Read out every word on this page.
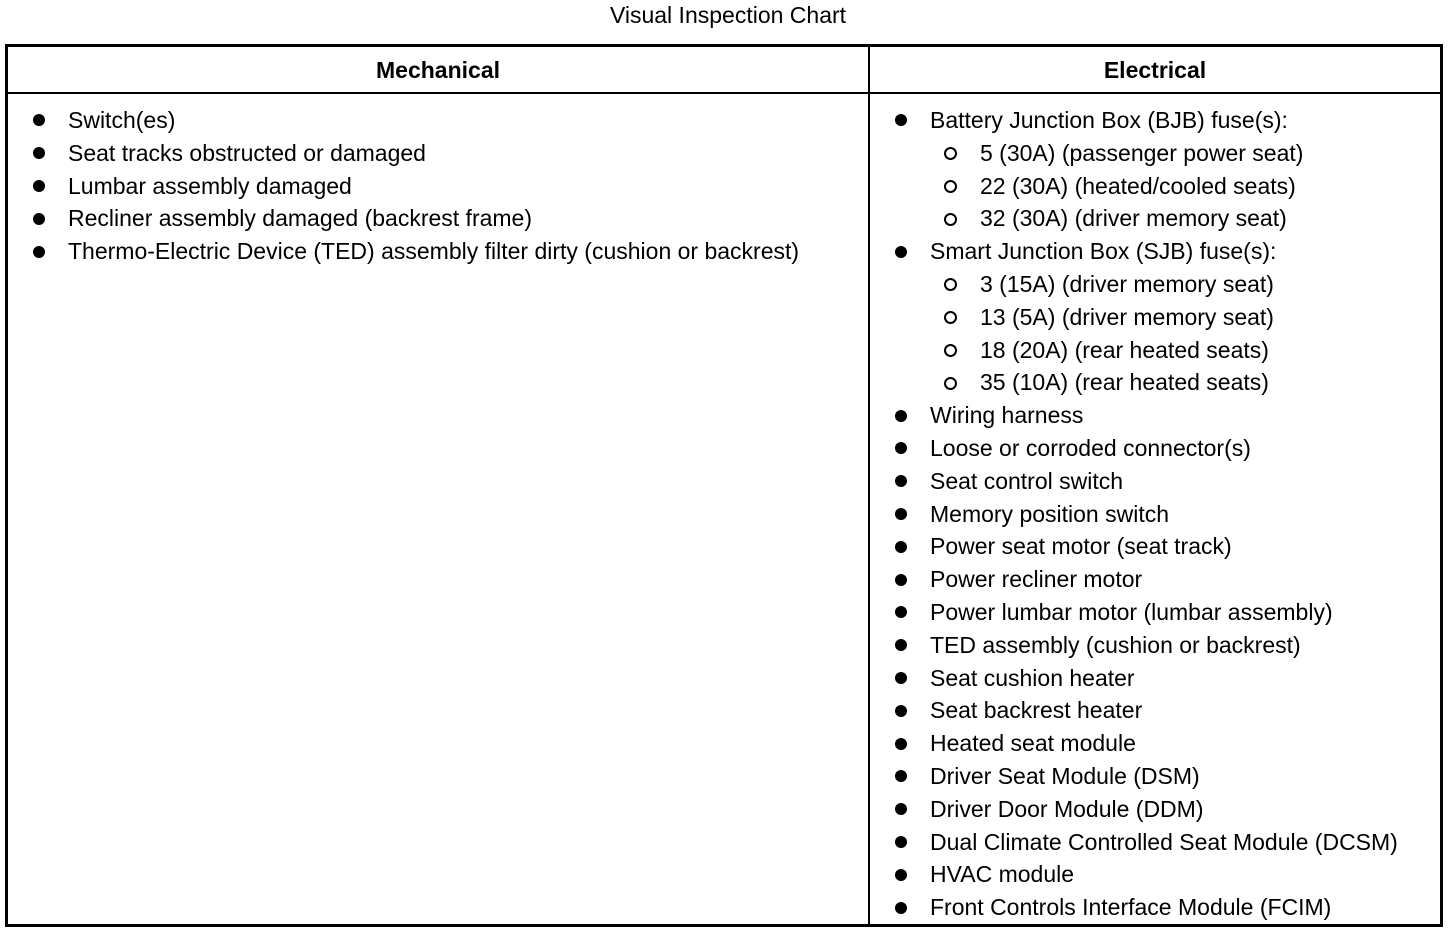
Visual Inspection Chart
Mechanical	Electrical
Switch(es)
Seat tracks obstructed or damaged
Lumbar assembly damaged
Recliner assembly damaged (backrest frame)
Thermo-Electric Device (TED) assembly filter dirty (cushion or backrest)
Battery Junction Box (BJB) fuse(s):
5 (30A) (passenger power seat)
22 (30A) (heated/cooled seats)
32 (30A) (driver memory seat)
Smart Junction Box (SJB) fuse(s):
3 (15A) (driver memory seat)
13 (5A) (driver memory seat)
18 (20A) (rear heated seats)
35 (10A) (rear heated seats)
Wiring harness
Loose or corroded connector(s)
Seat control switch
Memory position switch
Power seat motor (seat track)
Power recliner motor
Power lumbar motor (lumbar assembly)
TED assembly (cushion or backrest)
Seat cushion heater
Seat backrest heater
Heated seat module
Driver Seat Module (DSM)
Driver Door Module (DDM)
Dual Climate Controlled Seat Module (DCSM)
HVAC module
Front Controls Interface Module (FCIM)
